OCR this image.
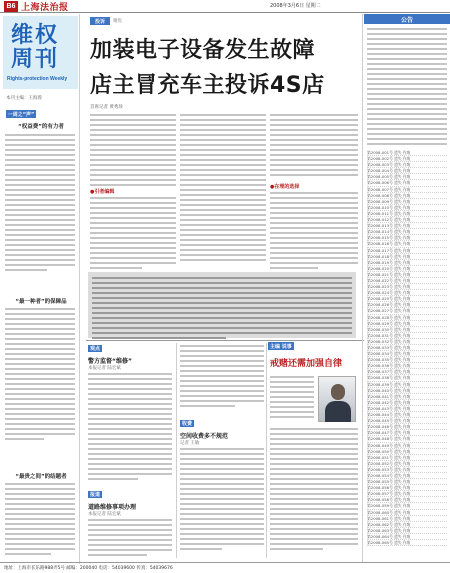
B6 上海法治报	2008年3月6日 星期二
维权周刊
Rights-protection Weekly
本刊主编：王海蓉
一周之“声”
“权益费”的有力者
“最一种者”的保障品
“最贵之间”的结题者
投诉	聚焦
加装电子设备发生故障
店主冒充车主投诉4S店
首席记者 黄秀珍
●引者编辑
●在理的选择
观点
警方监督“维修”
本报记者 陆宏斌
报道
道路维修事项办理
本报记者 陆宏斌
收费
空间收费多不规范
记者 王敏
主编 说事
戒赌还需加强自律
公告
第2008-001号 遗失 作废
第2008-002号 遗失 作废
第2008-003号 遗失 作废
第2008-004号 遗失 作废
第2008-005号 遗失 作废
第2008-006号 遗失 作废
第2008-007号 遗失 作废
第2008-008号 遗失 作废
第2008-009号 遗失 作废
第2008-010号 遗失 作废
第2008-011号 遗失 作废
第2008-012号 遗失 作废
第2008-013号 遗失 作废
第2008-014号 遗失 作废
第2008-015号 遗失 作废
第2008-016号 遗失 作废
第2008-017号 遗失 作废
第2008-018号 遗失 作废
第2008-019号 遗失 作废
第2008-020号 遗失 作废
第2008-021号 遗失 作废
第2008-022号 遗失 作废
第2008-023号 遗失 作废
第2008-024号 遗失 作废
第2008-025号 遗失 作废
第2008-026号 遗失 作废
第2008-027号 遗失 作废
第2008-028号 遗失 作废
第2008-029号 遗失 作废
第2008-030号 遗失 作废
第2008-031号 遗失 作废
第2008-032号 遗失 作废
第2008-033号 遗失 作废
第2008-034号 遗失 作废
第2008-035号 遗失 作废
第2008-036号 遗失 作废
第2008-037号 遗失 作废
第2008-038号 遗失 作废
第2008-039号 遗失 作废
第2008-040号 遗失 作废
第2008-041号 遗失 作废
第2008-042号 遗失 作废
第2008-043号 遗失 作废
第2008-044号 遗失 作废
第2008-045号 遗失 作废
第2008-046号 遗失 作废
第2008-047号 遗失 作废
第2008-048号 遗失 作废
第2008-049号 遗失 作废
第2008-050号 遗失 作废
第2008-051号 遗失 作废
第2008-052号 遗失 作废
第2008-053号 遗失 作废
第2008-054号 遗失 作废
第2008-055号 遗失 作废
第2008-056号 遗失 作废
第2008-057号 遗失 作废
第2008-058号 遗失 作废
第2008-059号 遗失 作废
第2008-060号 遗失 作废
第2008-061号 遗失 作废
第2008-062号 遗失 作废
第2008-063号 遗失 作废
第2008-064号 遗失 作废
第2008-065号 遗失 作废
地址：上海市长乐路988弄5号 邮编：200040 电话：54039600 传真：54039676
